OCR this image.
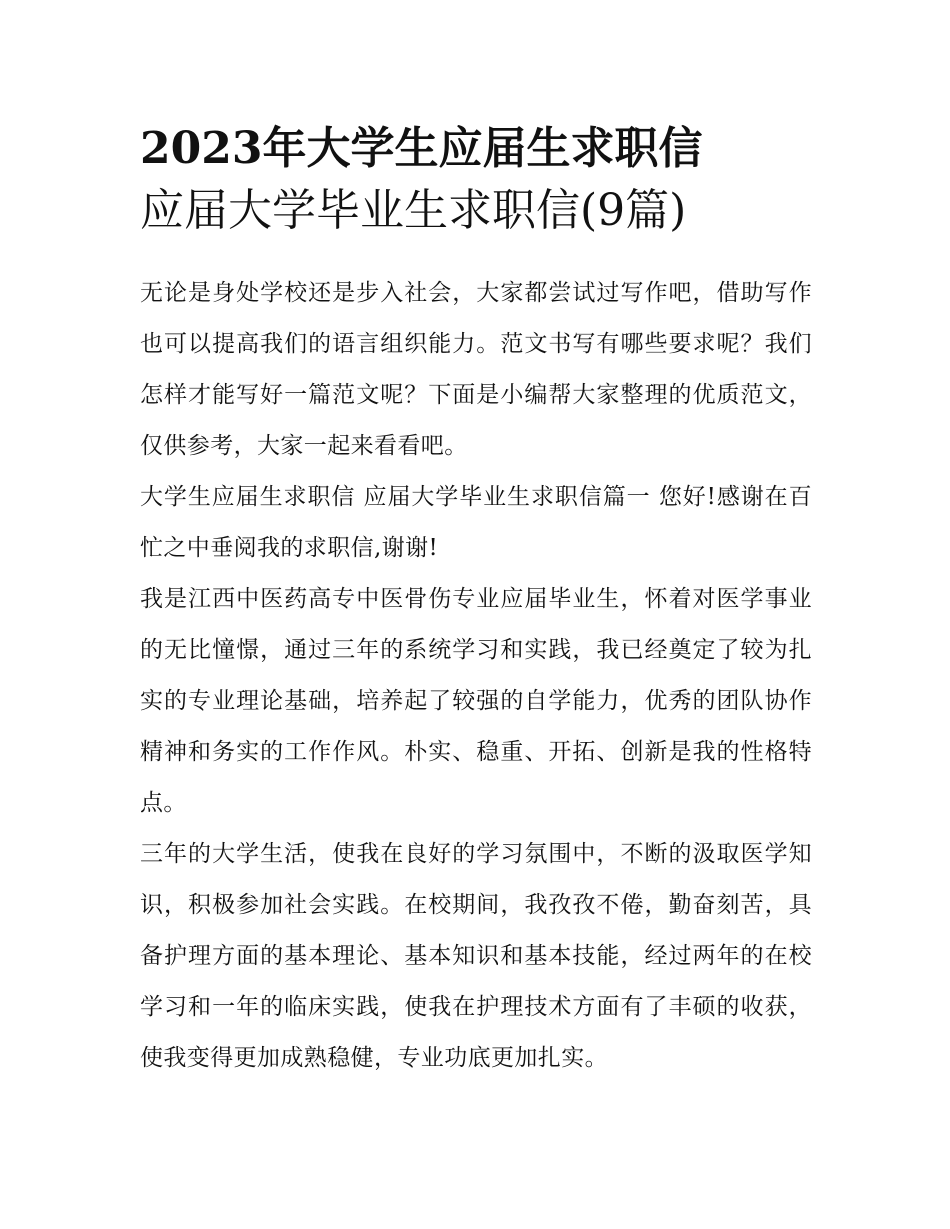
2023年大学生应届生求职信
应届大学毕业生求职信(9篇)

无论是身处学校还是步入社会，大家都尝试过写作吧，借助写作也可以提高我们的语言组织能力。范文书写有哪些要求呢？我们怎样才能写好一篇范文呢？下面是小编帮大家整理的优质范文，仅供参考，大家一起来看看吧。

大学生应届生求职信 应届大学毕业生求职信篇一 您好!感谢在百忙之中垂阅我的求职信,谢谢!

我是江西中医药高专中医骨伤专业应届毕业生，怀着对医学事业的无比憧憬，通过三年的系统学习和实践，我已经奠定了较为扎实的专业理论基础，培养起了较强的自学能力，优秀的团队协作精神和务实的工作作风。朴实、稳重、开拓、创新是我的性格特点。

三年的大学生活，使我在良好的学习氛围中，不断的汲取医学知识，积极参加社会实践。在校期间，我孜孜不倦，勤奋刻苦，具备护理方面的基本理论、基本知识和基本技能，经过两年的在校学习和一年的临床实践，使我在护理技术方面有了丰硕的收获，使我变得更加成熟稳健，专业功底更加扎实。
